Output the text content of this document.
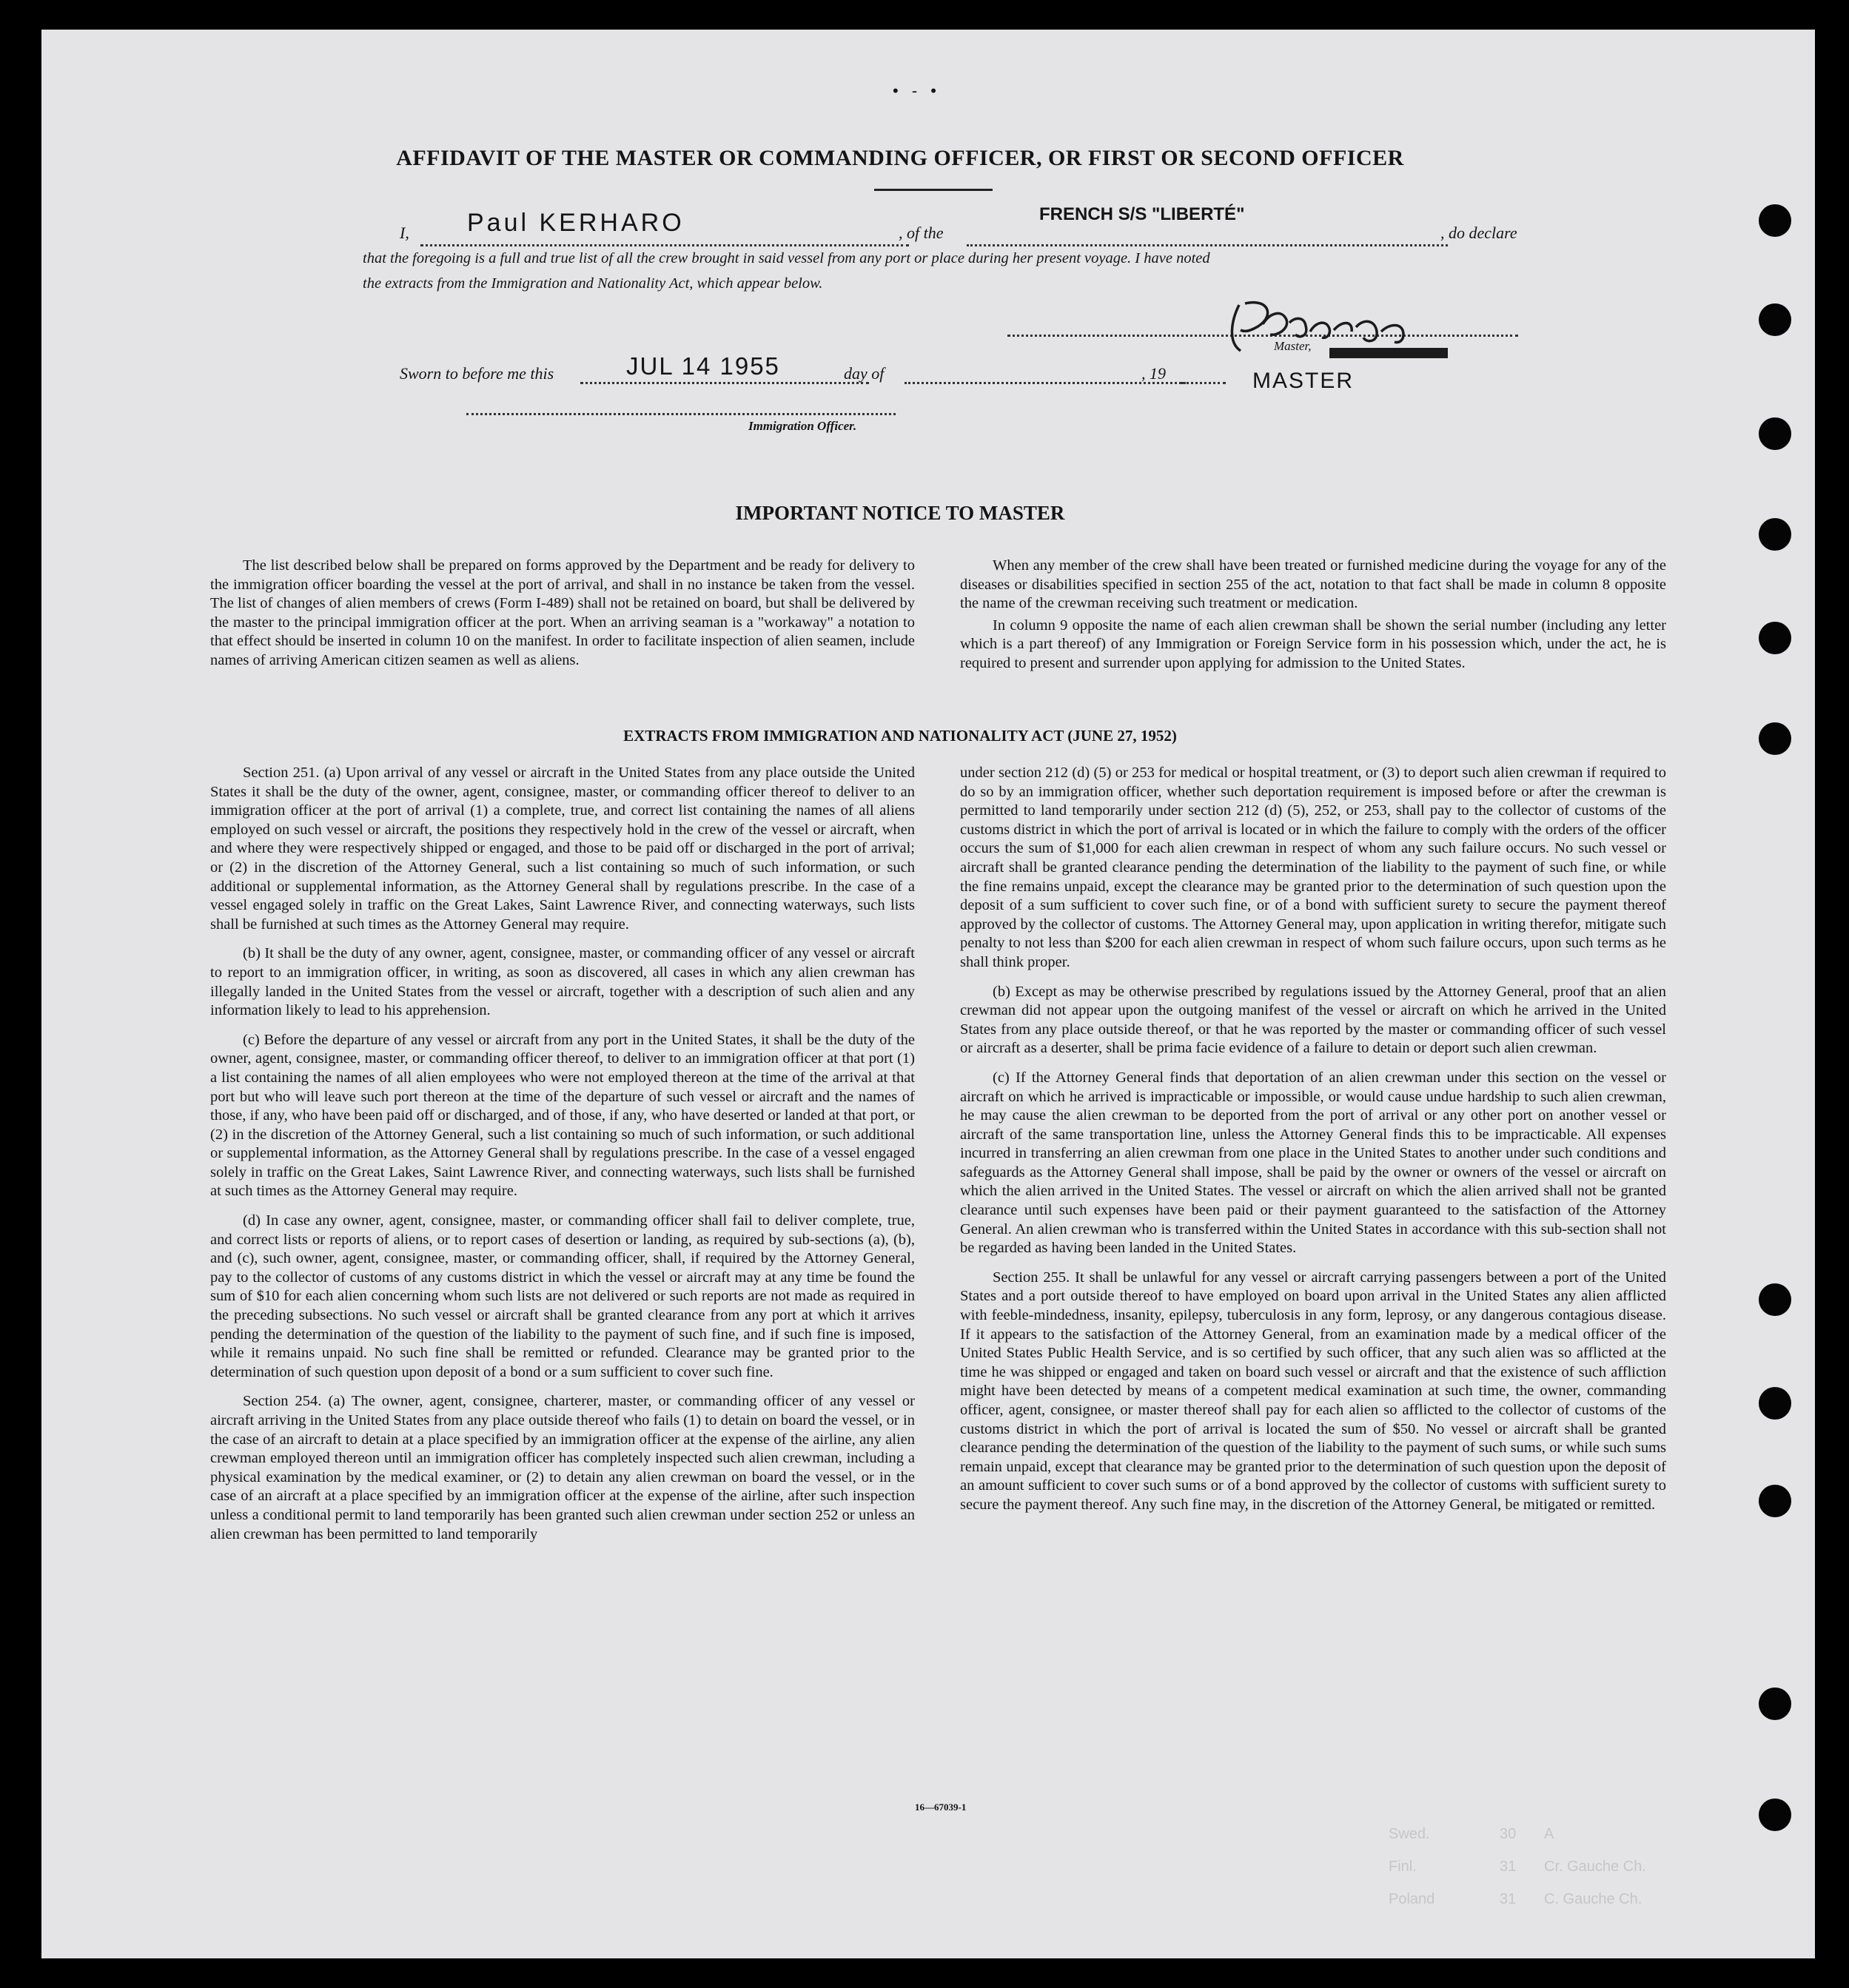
• - •
AFFIDAVIT OF THE MASTER OR COMMANDING OFFICER, OR FIRST OR SECOND OFFICER
I, Paul KERHARO	, of the
FRENCH S/S "LIBERTÉ"
, do declare
that the foregoing is a full and true list of all the crew brought in said vessel from any port or place during her present voyage. I have noted
the extracts from the Immigration and Nationality Act, which appear below.
Master,
Sworn to before me this	JUL 14 1955	day of	, 19	MASTER
Immigration Officer.
IMPORTANT NOTICE TO MASTER

The list described below shall be prepared on forms approved by the Department and be ready for delivery to the immigration officer boarding the vessel at the port of arrival, and shall in no instance be taken from the vessel. The list of changes of alien members of crews (Form I-489) shall not be retained on board, but shall be delivered by the master to the principal immigration officer at the port. When an arriving seaman is a "workaway" a notation to that effect should be inserted in column 10 on the manifest. In order to facilitate inspection of alien seamen, include names of arriving American citizen seamen as well as aliens.

When any member of the crew shall have been treated or furnished medicine during the voyage for any of the diseases or disabilities specified in section 255 of the act, notation to that fact shall be made in column 8 opposite the name of the crewman receiving such treatment or medication.

In column 9 opposite the name of each alien crewman shall be shown the serial number (including any letter which is a part thereof) of any Immigration or Foreign Service form in his possession which, under the act, he is required to present and surrender upon applying for admission to the United States.

EXTRACTS FROM IMMIGRATION AND NATIONALITY ACT (JUNE 27, 1952)

Section 251. (a) Upon arrival of any vessel or aircraft in the United States from any place outside the United States it shall be the duty of the owner, agent, consignee, master, or commanding officer thereof to deliver to an immigration officer at the port of arrival (1) a complete, true, and correct list containing the names of all aliens employed on such vessel or aircraft, the positions they respectively hold in the crew of the vessel or aircraft, when and where they were respectively shipped or engaged, and those to be paid off or discharged in the port of arrival; or (2) in the discretion of the Attorney General, such a list containing so much of such information, or such additional or supplemental information, as the Attorney General shall by regulations prescribe. In the case of a vessel engaged solely in traffic on the Great Lakes, Saint Lawrence River, and connecting waterways, such lists shall be furnished at such times as the Attorney General may require.

(b) It shall be the duty of any owner, agent, consignee, master, or commanding officer of any vessel or aircraft to report to an immigration officer, in writing, as soon as discovered, all cases in which any alien crewman has illegally landed in the United States from the vessel or aircraft, together with a description of such alien and any information likely to lead to his apprehension.

(c) Before the departure of any vessel or aircraft from any port in the United States, it shall be the duty of the owner, agent, consignee, master, or commanding officer thereof, to deliver to an immigration officer at that port (1) a list containing the names of all alien employees who were not employed thereon at the time of the arrival at that port but who will leave such port thereon at the time of the departure of such vessel or aircraft and the names of those, if any, who have been paid off or discharged, and of those, if any, who have deserted or landed at that port, or (2) in the discretion of the Attorney General, such a list containing so much of such information, or such additional or supplemental information, as the Attorney General shall by regulations prescribe. In the case of a vessel engaged solely in traffic on the Great Lakes, Saint Lawrence River, and connecting waterways, such lists shall be furnished at such times as the Attorney General may require.

(d) In case any owner, agent, consignee, master, or commanding officer shall fail to deliver complete, true, and correct lists or reports of aliens, or to report cases of desertion or landing, as required by sub-sections (a), (b), and (c), such owner, agent, consignee, master, or commanding officer, shall, if required by the Attorney General, pay to the collector of customs of any customs district in which the vessel or aircraft may at any time be found the sum of $10 for each alien concerning whom such lists are not delivered or such reports are not made as required in the preceding subsections. No such vessel or aircraft shall be granted clearance from any port at which it arrives pending the determination of the question of the liability to the payment of such fine, and if such fine is imposed, while it remains unpaid. No such fine shall be remitted or refunded. Clearance may be granted prior to the determination of such question upon deposit of a bond or a sum sufficient to cover such fine.

Section 254. (a) The owner, agent, consignee, charterer, master, or commanding officer of any vessel or aircraft arriving in the United States from any place outside thereof who fails (1) to detain on board the vessel, or in the case of an aircraft to detain at a place specified by an immigration officer at the expense of the airline, any alien crewman employed thereon until an immigration officer has completely inspected such alien crewman, including a physical examination by the medical examiner, or (2) to detain any alien crewman on board the vessel, or in the case of an aircraft at a place specified by an immigration officer at the expense of the airline, after such inspection unless a conditional permit to land temporarily has been granted such alien crewman under section 252 or unless an alien crewman has been permitted to land temporarily

under section 212 (d) (5) or 253 for medical or hospital treatment, or (3) to deport such alien crewman if required to do so by an immigration officer, whether such deportation requirement is imposed before or after the crewman is permitted to land temporarily under section 212 (d) (5), 252, or 253, shall pay to the collector of customs of the customs district in which the port of arrival is located or in which the failure to comply with the orders of the officer occurs the sum of $1,000 for each alien crewman in respect of whom any such failure occurs. No such vessel or aircraft shall be granted clearance pending the determination of the liability to the payment of such fine, or while the fine remains unpaid, except the clearance may be granted prior to the determination of such question upon the deposit of a sum sufficient to cover such fine, or of a bond with sufficient surety to secure the payment thereof approved by the collector of customs. The Attorney General may, upon application in writing therefor, mitigate such penalty to not less than $200 for each alien crewman in respect of whom such failure occurs, upon such terms as he shall think proper.

(b) Except as may be otherwise prescribed by regulations issued by the Attorney General, proof that an alien crewman did not appear upon the outgoing manifest of the vessel or aircraft on which he arrived in the United States from any place outside thereof, or that he was reported by the master or commanding officer of such vessel or aircraft as a deserter, shall be prima facie evidence of a failure to detain or deport such alien crewman.

(c) If the Attorney General finds that deportation of an alien crewman under this section on the vessel or aircraft on which he arrived is impracticable or impossible, or would cause undue hardship to such alien crewman, he may cause the alien crewman to be deported from the port of arrival or any other port on another vessel or aircraft of the same transportation line, unless the Attorney General finds this to be impracticable. All expenses incurred in transferring an alien crewman from one place in the United States to another under such conditions and safeguards as the Attorney General shall impose, shall be paid by the owner or owners of the vessel or aircraft on which the alien arrived in the United States. The vessel or aircraft on which the alien arrived shall not be granted clearance until such expenses have been paid or their payment guaranteed to the satisfaction of the Attorney General. An alien crewman who is transferred within the United States in accordance with this sub-section shall not be regarded as having been landed in the United States.

Section 255. It shall be unlawful for any vessel or aircraft carrying passengers between a port of the United States and a port outside thereof to have employed on board upon arrival in the United States any alien afflicted with feeble-mindedness, insanity, epilepsy, tuberculosis in any form, leprosy, or any dangerous contagious disease. If it appears to the satisfaction of the Attorney General, from an examination made by a medical officer of the United States Public Health Service, and is so certified by such officer, that any such alien was so afflicted at the time he was shipped or engaged and taken on board such vessel or aircraft and that the existence of such affliction might have been detected by means of a competent medical examination at such time, the owner, commanding officer, agent, consignee, or master thereof shall pay for each alien so afflicted to the collector of customs of the customs district in which the port of arrival is located the sum of $50. No vessel or aircraft shall be granted clearance pending the determination of the question of the liability to the payment of such sums, or while such sums remain unpaid, except that clearance may be granted prior to the determination of such question upon the deposit of an amount sufficient to cover such sums or of a bond approved by the collector of customs with sufficient surety to secure the payment thereof. Any such fine may, in the discretion of the Attorney General, be mitigated or remitted.

16—67039-1
Swed.	30 A
Finl.	31 Cr. Gauche Ch.
Poland	31 C. Gauche Ch.
